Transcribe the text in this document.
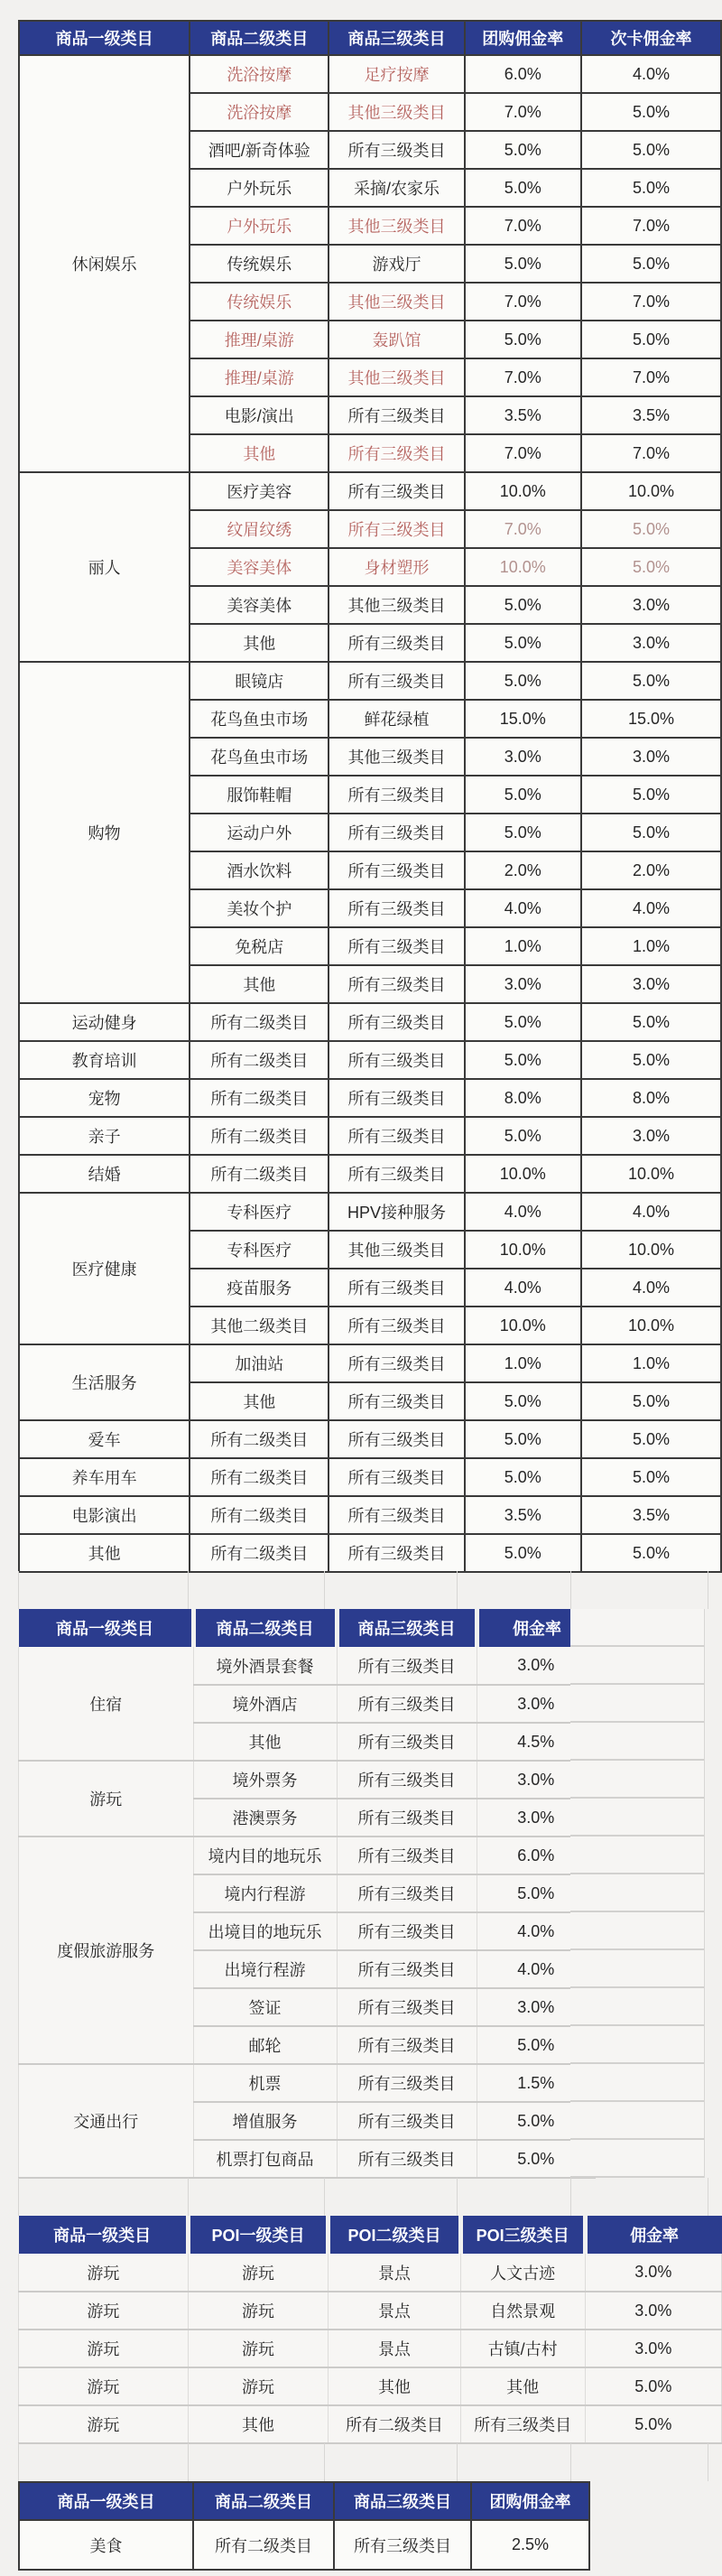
商品一级类目	商品二级类目	商品三级类目	团购佣金率	次卡佣金率
休闲娱乐	洗浴按摩	足疗按摩	6.0%	4.0%
	洗浴按摩	其他三级类目	7.0%	5.0%
	酒吧/新奇体验	所有三级类目	5.0%	5.0%
	户外玩乐	采摘/农家乐	5.0%	5.0%
	户外玩乐	其他三级类目	7.0%	7.0%
	传统娱乐	游戏厅	5.0%	5.0%
	传统娱乐	其他三级类目	7.0%	7.0%
	推理/桌游	轰趴馆	5.0%	5.0%
	推理/桌游	其他三级类目	7.0%	7.0%
	电影/演出	所有三级类目	3.5%	3.5%
	其他	所有三级类目	7.0%	7.0%
丽人	医疗美容	所有三级类目	10.0%	10.0%
	纹眉纹绣	所有三级类目	7.0%	5.0%
	美容美体	身材塑形	10.0%	5.0%
	美容美体	其他三级类目	5.0%	3.0%
	其他	所有三级类目	5.0%	3.0%
购物	眼镜店	所有三级类目	5.0%	5.0%
	花鸟鱼虫市场	鲜花绿植	15.0%	15.0%
	花鸟鱼虫市场	其他三级类目	3.0%	3.0%
	服饰鞋帽	所有三级类目	5.0%	5.0%
	运动户外	所有三级类目	5.0%	5.0%
	酒水饮料	所有三级类目	2.0%	2.0%
	美妆个护	所有三级类目	4.0%	4.0%
	免税店	所有三级类目	1.0%	1.0%
	其他	所有三级类目	3.0%	3.0%
运动健身	所有二级类目	所有三级类目	5.0%	5.0%
教育培训	所有二级类目	所有三级类目	5.0%	5.0%
宠物	所有二级类目	所有三级类目	8.0%	8.0%
亲子	所有二级类目	所有三级类目	5.0%	3.0%
结婚	所有二级类目	所有三级类目	10.0%	10.0%
医疗健康	专科医疗	HPV接种服务	4.0%	4.0%
	专科医疗	其他三级类目	10.0%	10.0%
	疫苗服务	所有三级类目	4.0%	4.0%
	其他二级类目	所有三级类目	10.0%	10.0%
生活服务	加油站	所有三级类目	1.0%	1.0%
	其他	所有三级类目	5.0%	5.0%
爱车	所有二级类目	所有三级类目	5.0%	5.0%
养车用车	所有二级类目	所有三级类目	5.0%	5.0%
电影演出	所有二级类目	所有三级类目	3.5%	3.5%
其他	所有二级类目	所有三级类目	5.0%	5.0%
商品一级类目	商品二级类目	商品三级类目	佣金率
住宿	境外酒景套餐	所有三级类目	3.0%
	境外酒店	所有三级类目	3.0%
	其他	所有三级类目	4.5%
游玩	境外票务	所有三级类目	3.0%
	港澳票务	所有三级类目	3.0%
度假旅游服务	境内目的地玩乐	所有三级类目	6.0%
	境内行程游	所有三级类目	5.0%
	出境目的地玩乐	所有三级类目	4.0%
	出境行程游	所有三级类目	4.0%
	签证	所有三级类目	3.0%
	邮轮	所有三级类目	5.0%
交通出行	机票	所有三级类目	1.5%
	增值服务	所有三级类目	5.0%
	机票打包商品	所有三级类目	5.0%
商品一级类目	POI一级类目	POI二级类目	POI三级类目	佣金率
游玩	游玩	景点	人文古迹	3.0%
游玩	游玩	景点	自然景观	3.0%
游玩	游玩	景点	古镇/古村	3.0%
游玩	游玩	其他	其他	5.0%
游玩	其他	所有二级类目	所有三级类目	5.0%
商品一级类目	商品二级类目	商品三级类目	团购佣金率
美食	所有二级类目	所有三级类目	2.5%
